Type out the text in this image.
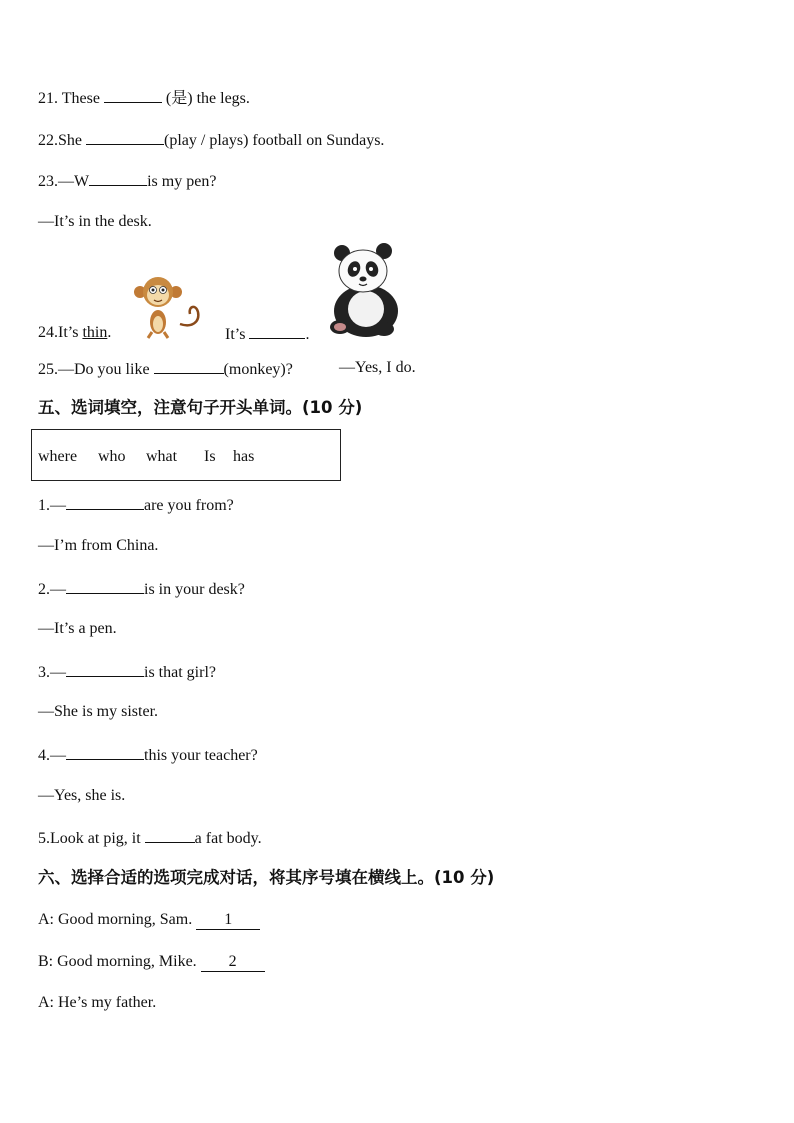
21. These	(是) the legs.
22.She	(play / plays) football on Sundays.
23.—W	is my pen?
—It’s in the desk.
24.It’s thin.	It’s	.
25.—Do you like	(monkey)?	—Yes, I do.
五、选词填空，注意句子开头单词。(10 分)
where who what Is has
1.—	are you from?
—I’m from China.
2.—	is in your desk?
—It’s a pen.
3.—	is that girl?
—She is my sister.
4.—	this your teacher?
—Yes, she is.
5.Look at pig, it	a fat body.
六、选择合适的选项完成对话，将其序号填在横线上。(10 分)
A: Good morning, Sam. 1
B: Good morning, Mike. 2
A: He’s my father.
